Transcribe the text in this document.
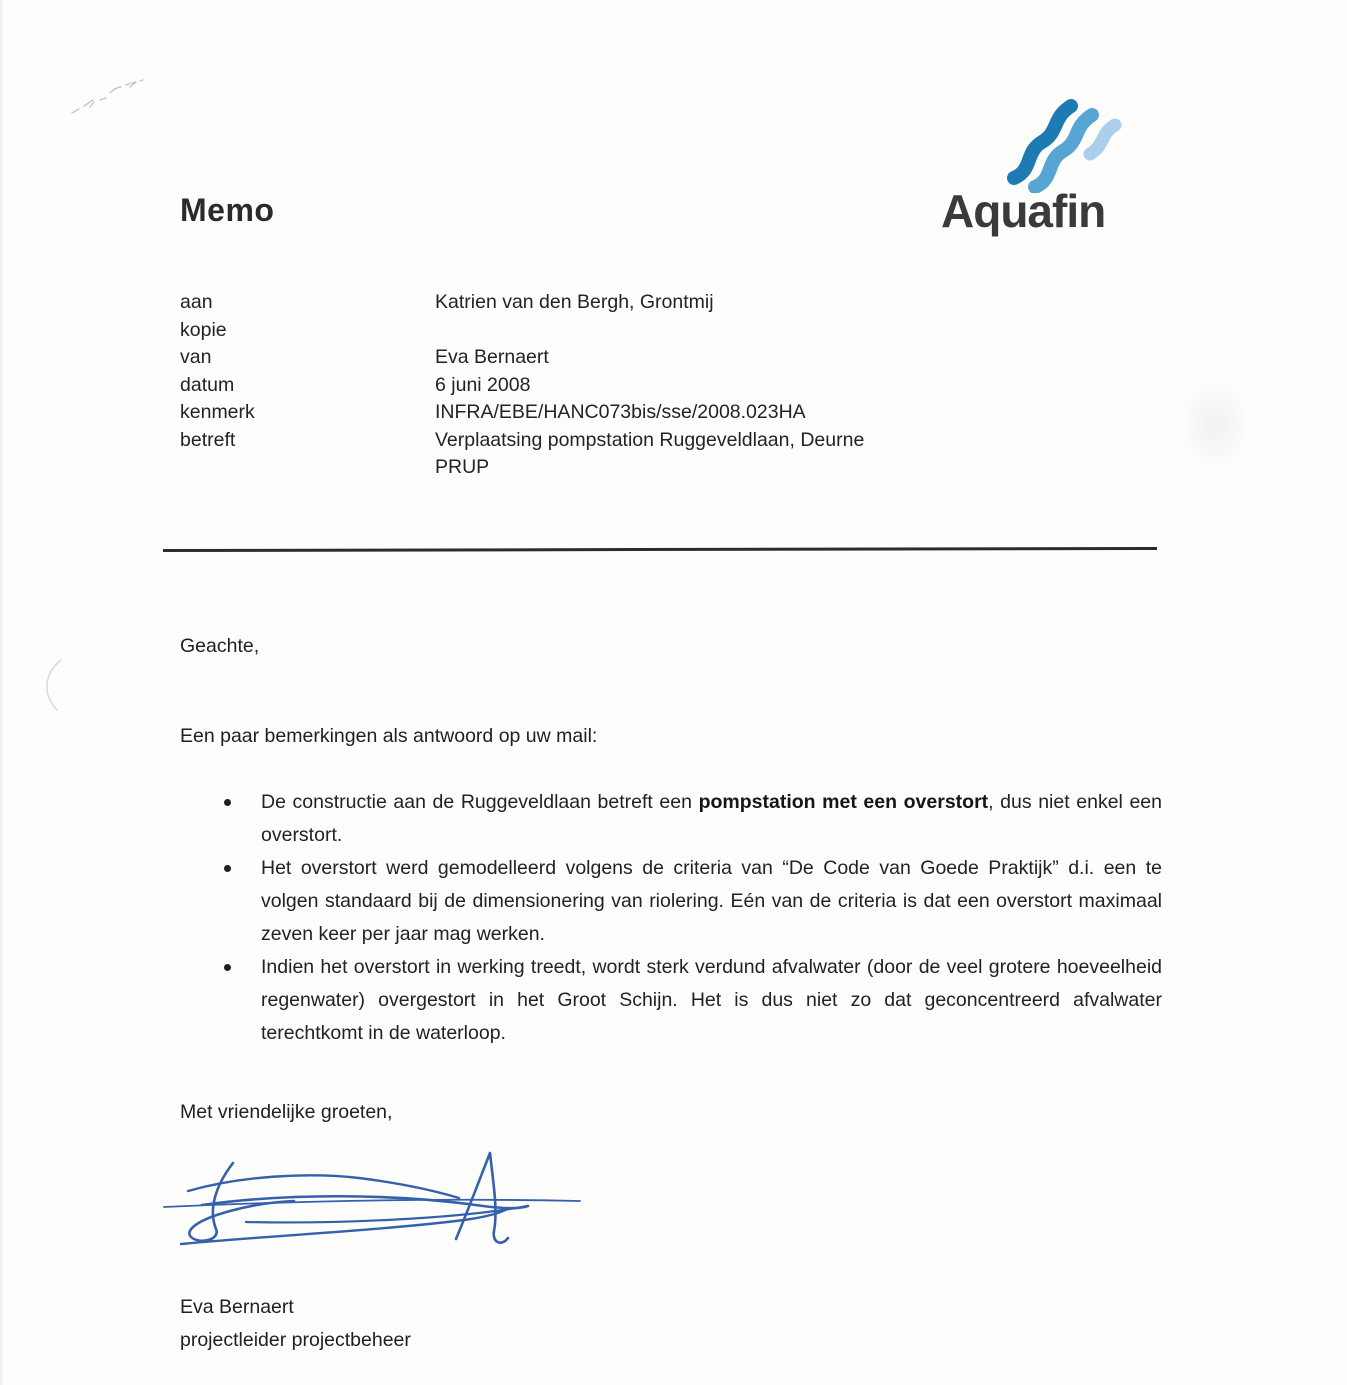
Memo	Aquafin
aan	Katrien van den Bergh, Grontmij
kopie
van	Eva Bernaert
datum	6 juni 2008
kenmerk	INFRA/EBE/HANC073bis/sse/2008.023HA
betreft	Verplaatsing pompstation Ruggeveldlaan, Deurne
PRUP
Geachte,
Een paar bemerkingen als antwoord op uw mail:
De constructie aan de Ruggeveldlaan betreft een pompstation met een overstort, dus niet enkel een overstort.
Het overstort werd gemodelleerd volgens de criteria van “De Code van Goede Praktijk” d.i. een te volgen standaard bij de dimensionering van riolering. Eén van de criteria is dat een overstort maximaal zeven keer per jaar mag werken.
Indien het overstort in werking treedt, wordt sterk verdund afvalwater (door de veel grotere hoeveelheid regenwater) overgestort in het Groot Schijn. Het is dus niet zo dat geconcentreerd afvalwater terechtkomt in de waterloop.
Met vriendelijke groeten,
Eva Bernaert
projectleider projectbeheer
